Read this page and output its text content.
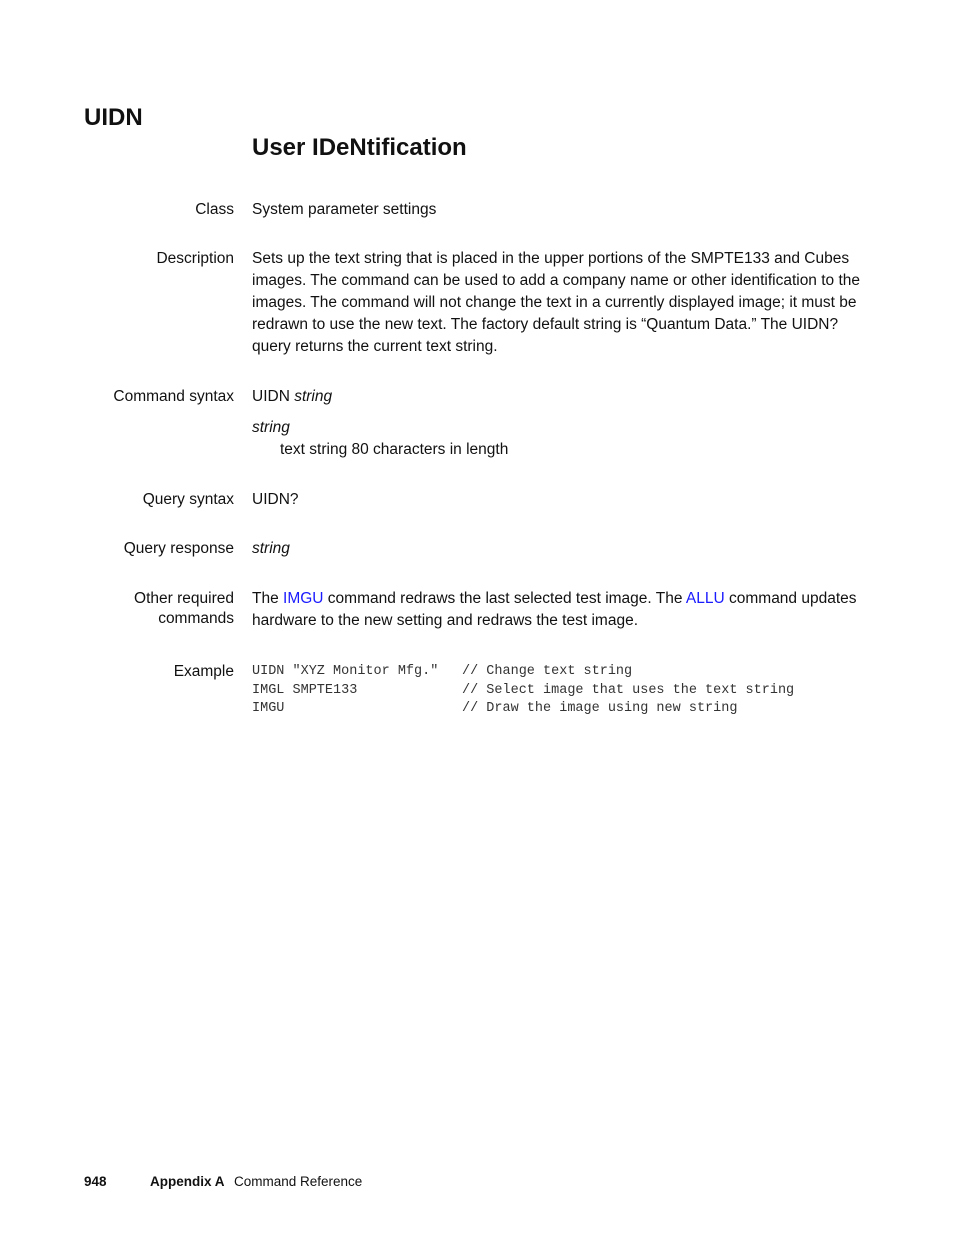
UIDN
User IDeNtification
Class System parameter settings
Description Sets up the text string that is placed in the upper portions of the SMPTE133 and Cubes images. The command can be used to add a company name or other identification to the images. The command will not change the text in a currently displayed image; it must be redrawn to use the new text. The factory default string is “Quantum Data.” The UIDN? query returns the current text string.
Command syntax UIDN string
string
text string 80 characters in length
Query syntax UIDN?
Query response string
Other required
commands
The IMGU command redraws the last selected test image. The ALLU command updates hardware to the new setting and redraws the test image.
Example UIDN "XYZ Monitor Mfg." // Change text string
IMGL SMPTE133	// Select image that uses the text string
IMGU	// Draw the image using new string
948	Appendix A Command Reference
